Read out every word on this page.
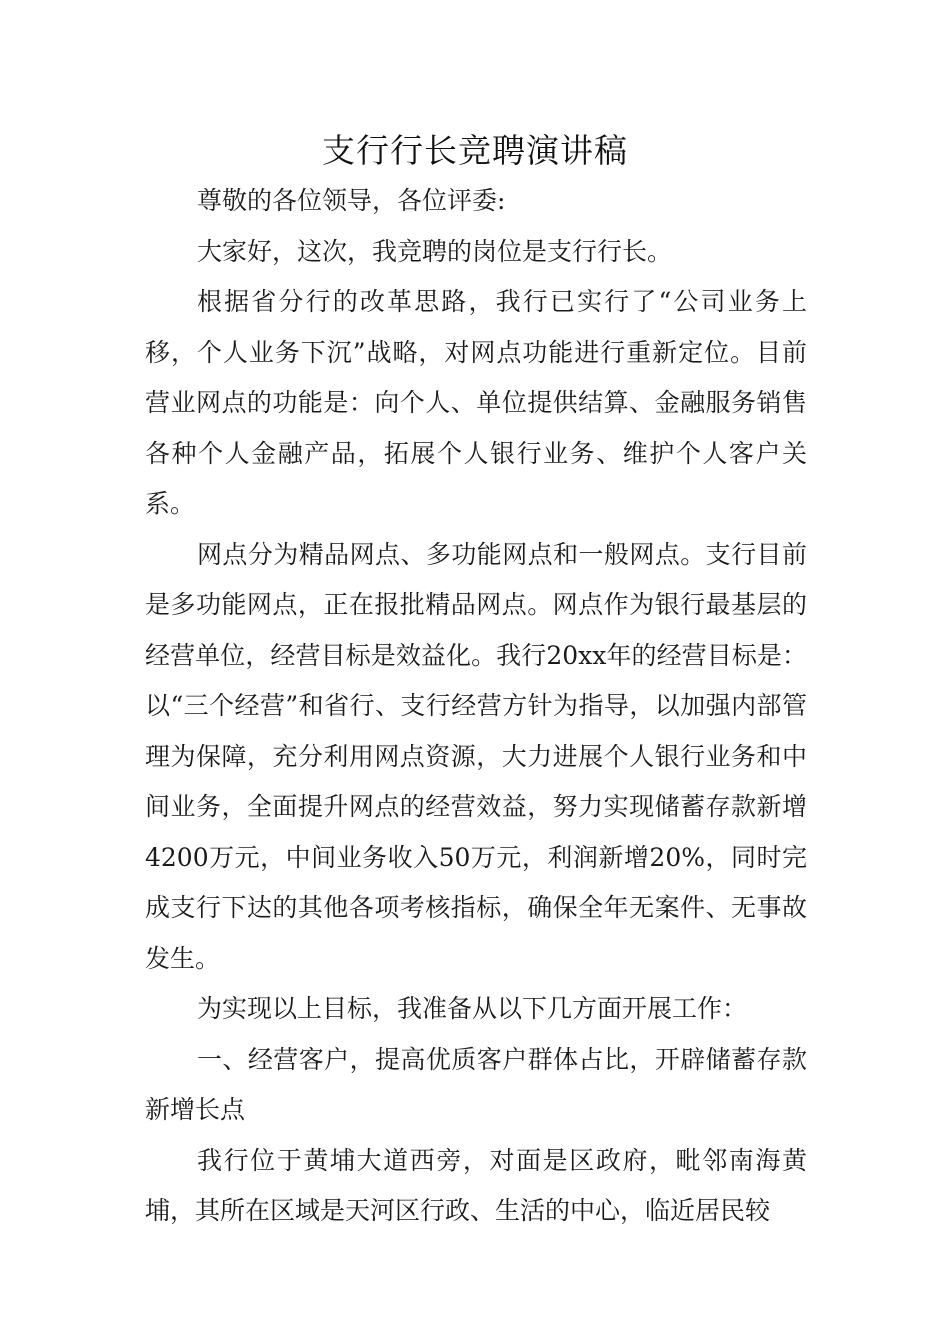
支行行长竞聘演讲稿

尊敬的各位领导，各位评委:

大家好，这次，我竞聘的岗位是支行行长。

根据省分行的改革思路，我行已实行了“公司业务上移，个人业务下沉”战略，对网点功能进行重新定位。目前营业网点的功能是：向个人、单位提供结算、金融服务销售各种个人金融产品，拓展个人银行业务、维护个人客户关系。

网点分为精品网点、多功能网点和一般网点。支行目前是多功能网点，正在报批精品网点。网点作为银行最基层的经营单位，经营目标是效益化。我行20xx年的经营目标是：以“三个经营”和省行、支行经营方针为指导，以加强内部管理为保障，充分利用网点资源，大力进展个人银行业务和中间业务，全面提升网点的经营效益，努力实现储蓄存款新增4200万元，中间业务收入50万元，利润新增20%，同时完成支行下达的其他各项考核指标，确保全年无案件、无事故发生。

为实现以上目标，我准备从以下几方面开展工作：

一、经营客户，提高优质客户群体占比，开辟储蓄存款新增长点

我行位于黄埔大道西旁，对面是区政府，毗邻南海黄埔，其所在区域是天河区行政、生活的中心，临近居民较
